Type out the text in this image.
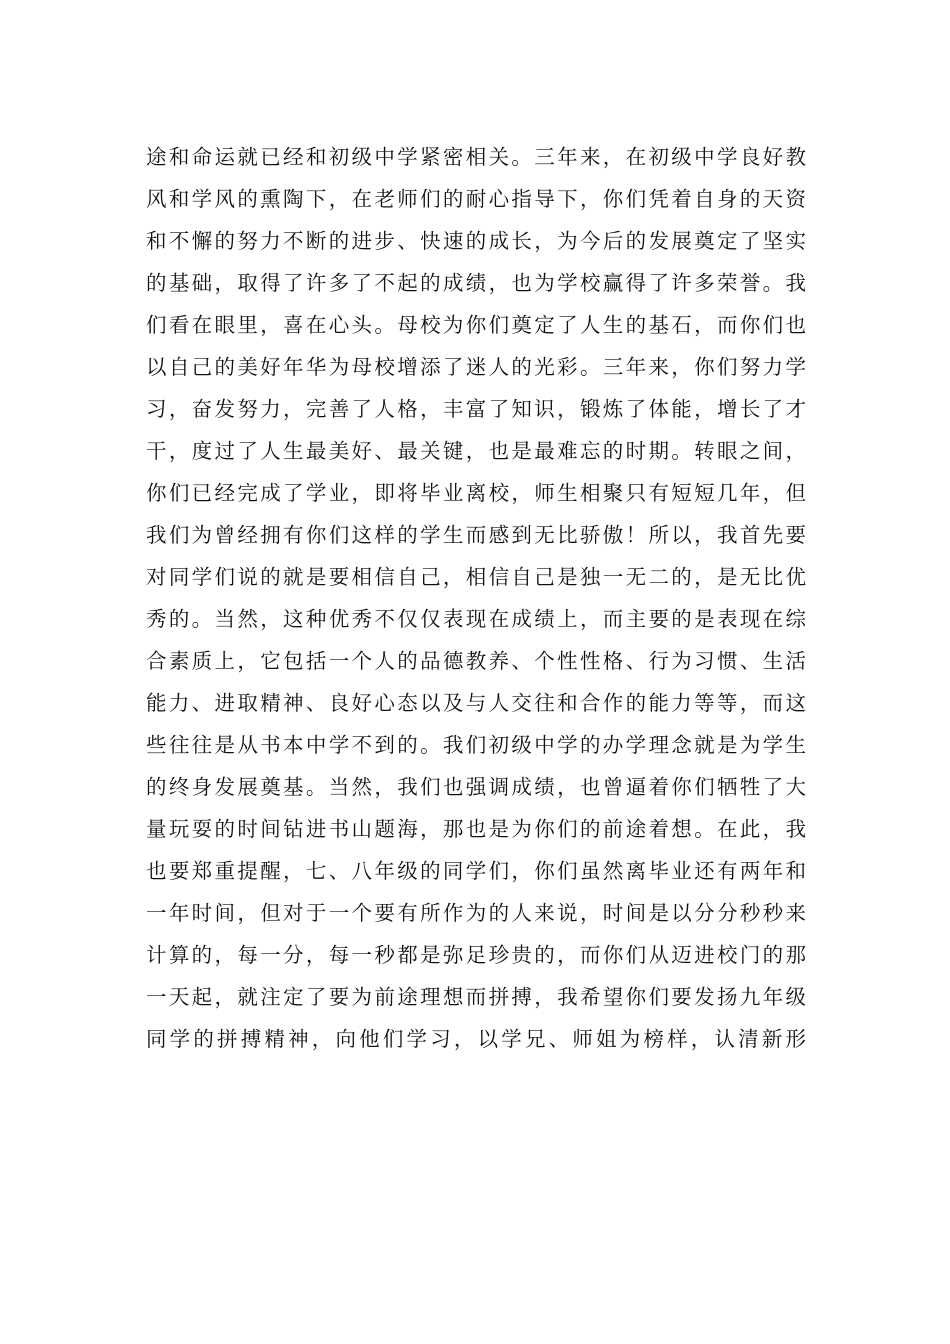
途和命运就已经和初级中学紧密相关。三年来，在初级中学良好教
风和学风的熏陶下，在老师们的耐心指导下，你们凭着自身的天资
和不懈的努力不断的进步、快速的成长，为今后的发展奠定了坚实
的基础，取得了许多了不起的成绩，也为学校赢得了许多荣誉。我
们看在眼里，喜在心头。母校为你们奠定了人生的基石，而你们也
以自己的美好年华为母校增添了迷人的光彩。三年来，你们努力学
习，奋发努力，完善了人格，丰富了知识，锻炼了体能，增长了才
干，度过了人生最美好、最关键，也是最难忘的时期。转眼之间，
你们已经完成了学业，即将毕业离校，师生相聚只有短短几年，但
我们为曾经拥有你们这样的学生而感到无比骄傲！所以，我首先要
对同学们说的就是要相信自己，相信自己是独一无二的，是无比优
秀的。当然，这种优秀不仅仅表现在成绩上，而主要的是表现在综
合素质上，它包括一个人的品德教养、个性性格、行为习惯、生活
能力、进取精神、良好心态以及与人交往和合作的能力等等，而这
些往往是从书本中学不到的。我们初级中学的办学理念就是为学生
的终身发展奠基。当然，我们也强调成绩，也曾逼着你们牺牲了大
量玩耍的时间钻进书山题海，那也是为你们的前途着想。在此，我
也要郑重提醒，七、八年级的同学们，你们虽然离毕业还有两年和
一年时间，但对于一个要有所作为的人来说，时间是以分分秒秒来
计算的，每一分，每一秒都是弥足珍贵的，而你们从迈进校门的那
一天起，就注定了要为前途理想而拼搏，我希望你们要发扬九年级
同学的拼搏精神，向他们学习，以学兄、师姐为榜样，认清新形
